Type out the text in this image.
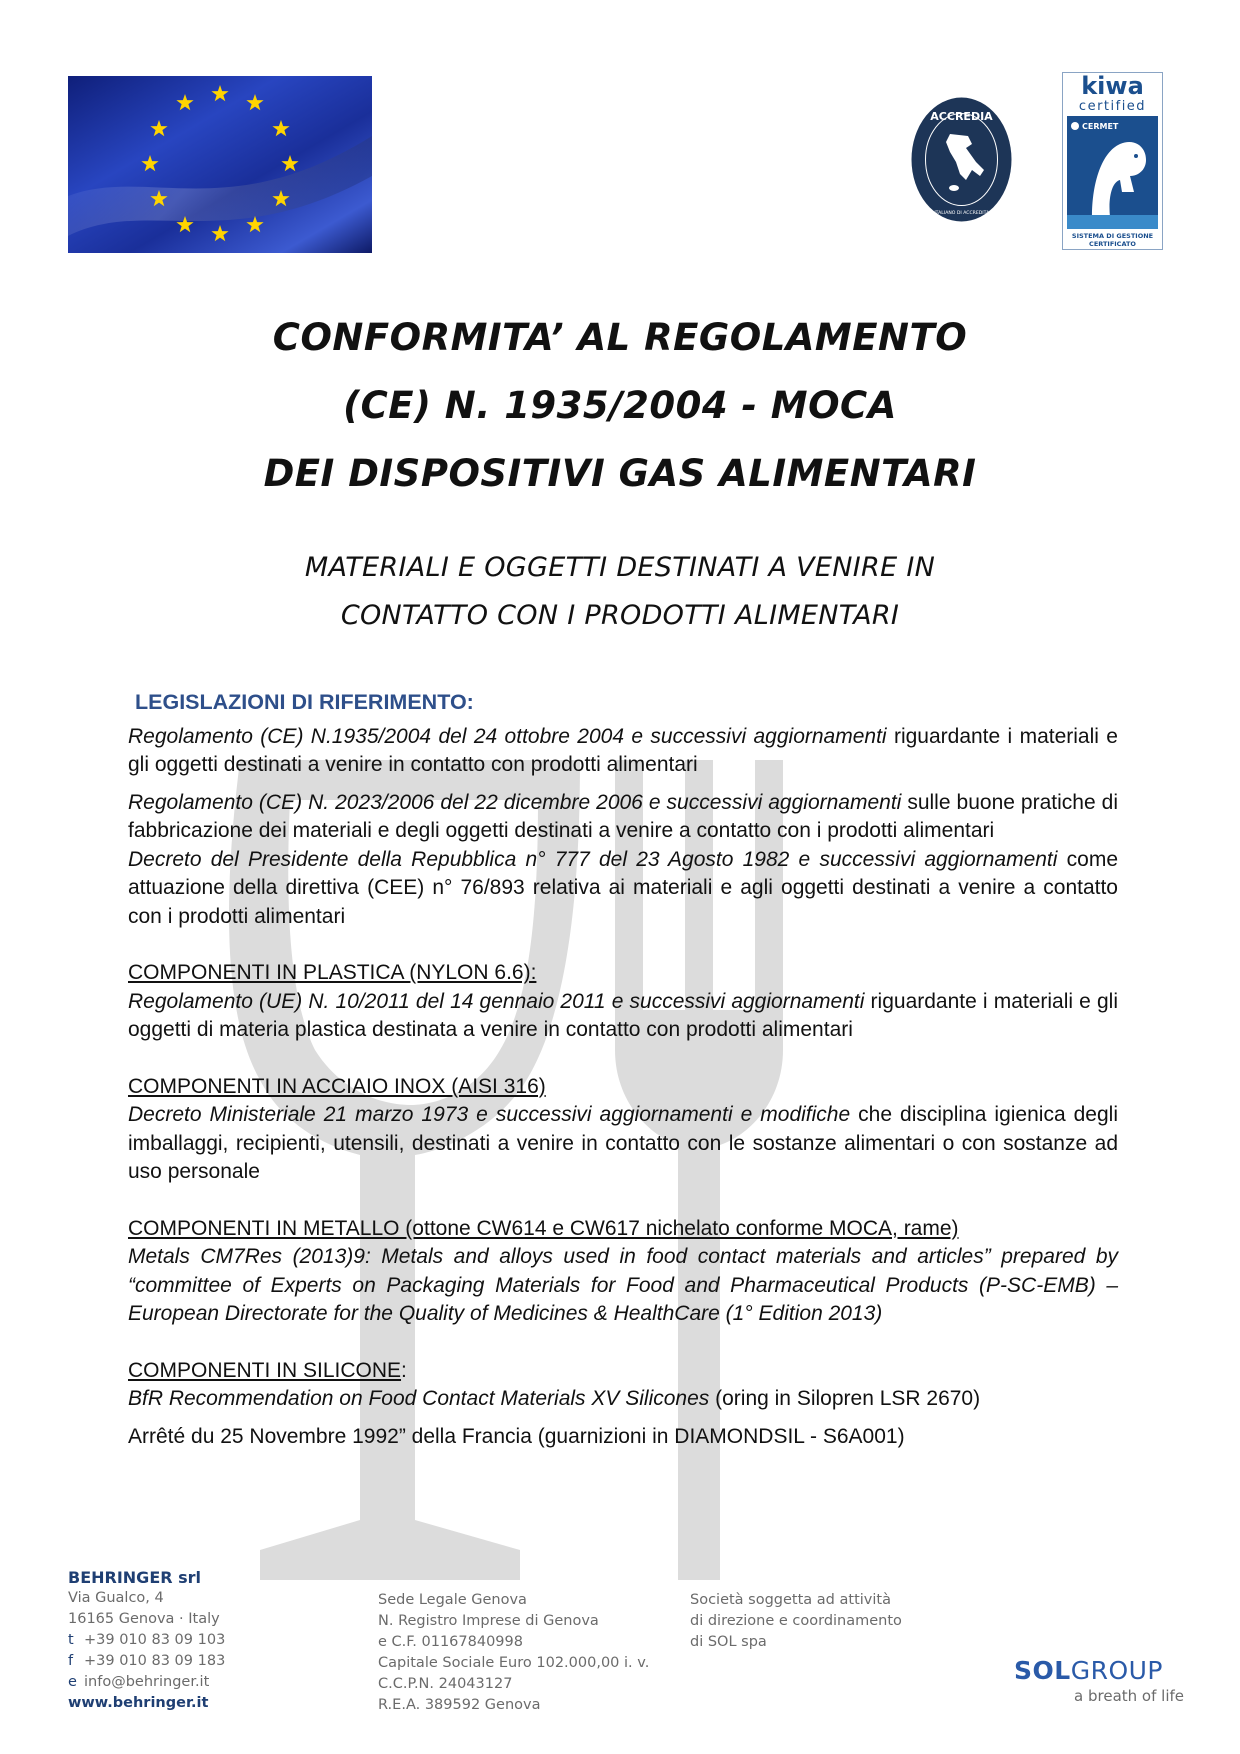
ACCREDIA
L'ENTE ITALIANO DI ACCREDITAMENTO
kiwa
certified
CERMET
SISTEMA DI GESTIONE
CERTIFICATO
CONFORMITA’ AL REGOLAMENTO
(CE) N. 1935/2004 - MOCA
DEI DISPOSITIVI GAS ALIMENTARI
MATERIALI E OGGETTI DESTINATI A VENIRE IN
CONTATTO CON I PRODOTTI ALIMENTARI
LEGISLAZIONI DI RIFERIMENTO:

Regolamento (CE) N.1935/2004 del 24 ottobre 2004 e successivi aggiornamenti riguardante i materiali e gli oggetti destinati a venire in contatto con prodotti alimentari

Regolamento (CE) N. 2023/2006 del 22 dicembre 2006 e successivi aggiornamenti sulle buone pratiche di fabbricazione dei materiali e degli oggetti destinati a venire a contatto con i prodotti alimentari

Decreto del Presidente della Repubblica n° 777 del 23 Agosto 1982 e successivi aggiornamenti come attuazione della direttiva (CEE) n° 76/893 relativa ai materiali e agli oggetti destinati a venire a contatto con i prodotti alimentari

COMPONENTI IN PLASTICA (NYLON 6.6):

Regolamento (UE) N. 10/2011 del 14 gennaio 2011 e successivi aggiornamenti riguardante i materiali e gli oggetti di materia plastica destinata a venire in contatto con prodotti alimentari

COMPONENTI IN ACCIAIO INOX (AISI 316)

Decreto Ministeriale 21 marzo 1973 e successivi aggiornamenti e modifiche che disciplina igienica degli imballaggi, recipienti, utensili, destinati a venire in contatto con le sostanze alimentari o con sostanze ad uso personale

COMPONENTI IN METALLO (ottone CW614 e CW617 nichelato conforme MOCA, rame)

Metals CM7Res (2013)9: Metals and alloys used in food contact materials and articles” prepared by “committee of Experts on Packaging Materials for Food and Pharmaceutical Products (P-SC-EMB) – European Directorate for the Quality of Medicines & HealthCare (1° Edition 2013)

COMPONENTI IN SILICONE:

BfR Recommendation on Food Contact Materials XV Silicones (oring in Silopren LSR 2670)

Arrêté du 25 Novembre 1992” della Francia (guarnizioni in DIAMONDSIL - S6A001)

BEHRINGER srl
Via Gualco, 4
16165 Genova · Italy
t +39 010 83 09 103
f +39 010 83 09 183
e info@behringer.it
www.behringer.it
Sede Legale Genova
N. Registro Imprese di Genova
e C.F. 01167840998
Capitale Sociale Euro 102.000,00 i. v.
C.C.P.N. 24043127
R.E.A. 389592 Genova
Società soggetta ad attività
di direzione e coordinamento
di SOL spa
SOLGROUP
a breath of life
